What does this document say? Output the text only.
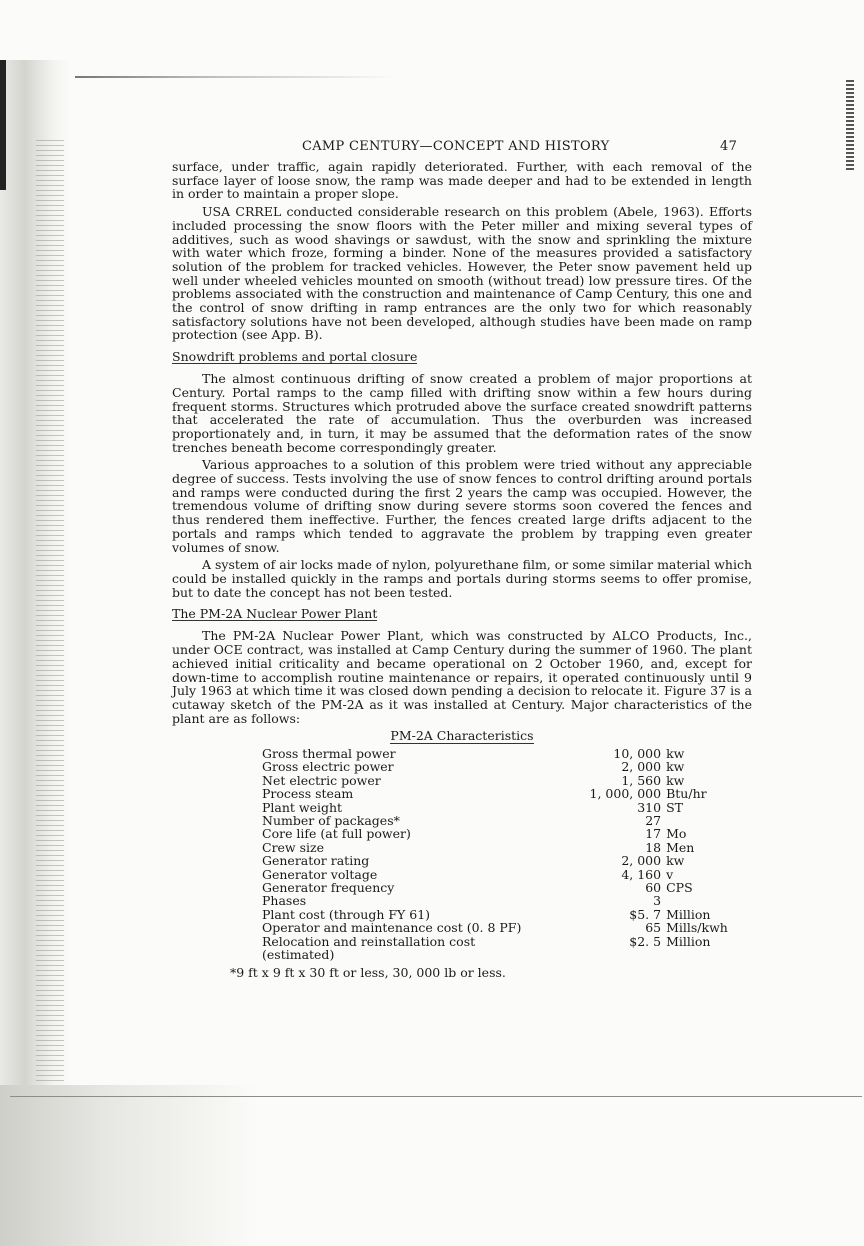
CAMP CENTURY—CONCEPT AND HISTORY	47

surface, under traffic, again rapidly deteriorated. Further, with each removal of the surface layer of loose snow, the ramp was made deeper and had to be extended in length in order to maintain a proper slope.

USA CRREL conducted considerable research on this problem (Abele, 1963). Efforts included processing the snow floors with the Peter miller and mixing several types of additives, such as wood shavings or sawdust, with the snow and sprinkling the mixture with water which froze, forming a binder. None of the measures provided a satisfactory solution of the problem for tracked vehicles. However, the Peter snow pavement held up well under wheeled vehicles mounted on smooth (without tread) low pressure tires. Of the problems associated with the construction and maintenance of Camp Century, this one and the control of snow drifting in ramp entrances are the only two for which reasonably satisfactory solutions have not been developed, although studies have been made on ramp protection (see App. B).

Snowdrift problems and portal closure

The almost continuous drifting of snow created a problem of major proportions at Century. Portal ramps to the camp filled with drifting snow within a few hours during frequent storms. Structures which protruded above the surface created snowdrift patterns that accelerated the rate of accumulation. Thus the overburden was increased proportionately and, in turn, it may be assumed that the deformation rates of the snow trenches beneath become correspondingly greater.

Various approaches to a solution of this problem were tried without any appreciable degree of success. Tests involving the use of snow fences to control drifting around portals and ramps were conducted during the first 2 years the camp was occupied. However, the tremendous volume of drifting snow during severe storms soon covered the fences and thus rendered them ineffective. Further, the fences created large drifts adjacent to the portals and ramps which tended to aggravate the problem by trapping even greater volumes of snow.

A system of air locks made of nylon, polyurethane film, or some similar material which could be installed quickly in the ramps and portals during storms seems to offer promise, but to date the concept has not been tested.

The PM-2A Nuclear Power Plant

The PM-2A Nuclear Power Plant, which was constructed by ALCO Products, Inc., under OCE contract, was installed at Camp Century during the summer of 1960. The plant achieved initial criticality and became operational on 2 October 1960, and, except for down-time to accomplish routine maintenance or repairs, it operated continuously until 9 July 1963 at which time it was closed down pending a decision to relocate it. Figure 37 is a cutaway sketch of the PM-2A as it was installed at Century. Major characteristics of the plant are as follows:

PM-2A Characteristics
Gross thermal power	10, 000	kw
Gross electric power	2, 000	kw
Net electric power	1, 560	kw
Process steam	1, 000, 000	Btu/hr
Plant weight	310	ST
Number of packages*	27	
Core life (at full power)	17	Mo
Crew size	18	Men
Generator rating	2, 000	kw
Generator voltage	4, 160	v
Generator frequency	60	CPS
Phases	3	
Plant cost (through FY 61)	$5. 7	Million
Operator and maintenance cost (0. 8 PF)	65	Mills/kwh
Relocation and reinstallation cost (estimated)	$2. 5	Million
*9 ft x 9 ft x 30 ft or less, 30, 000 lb or less.
